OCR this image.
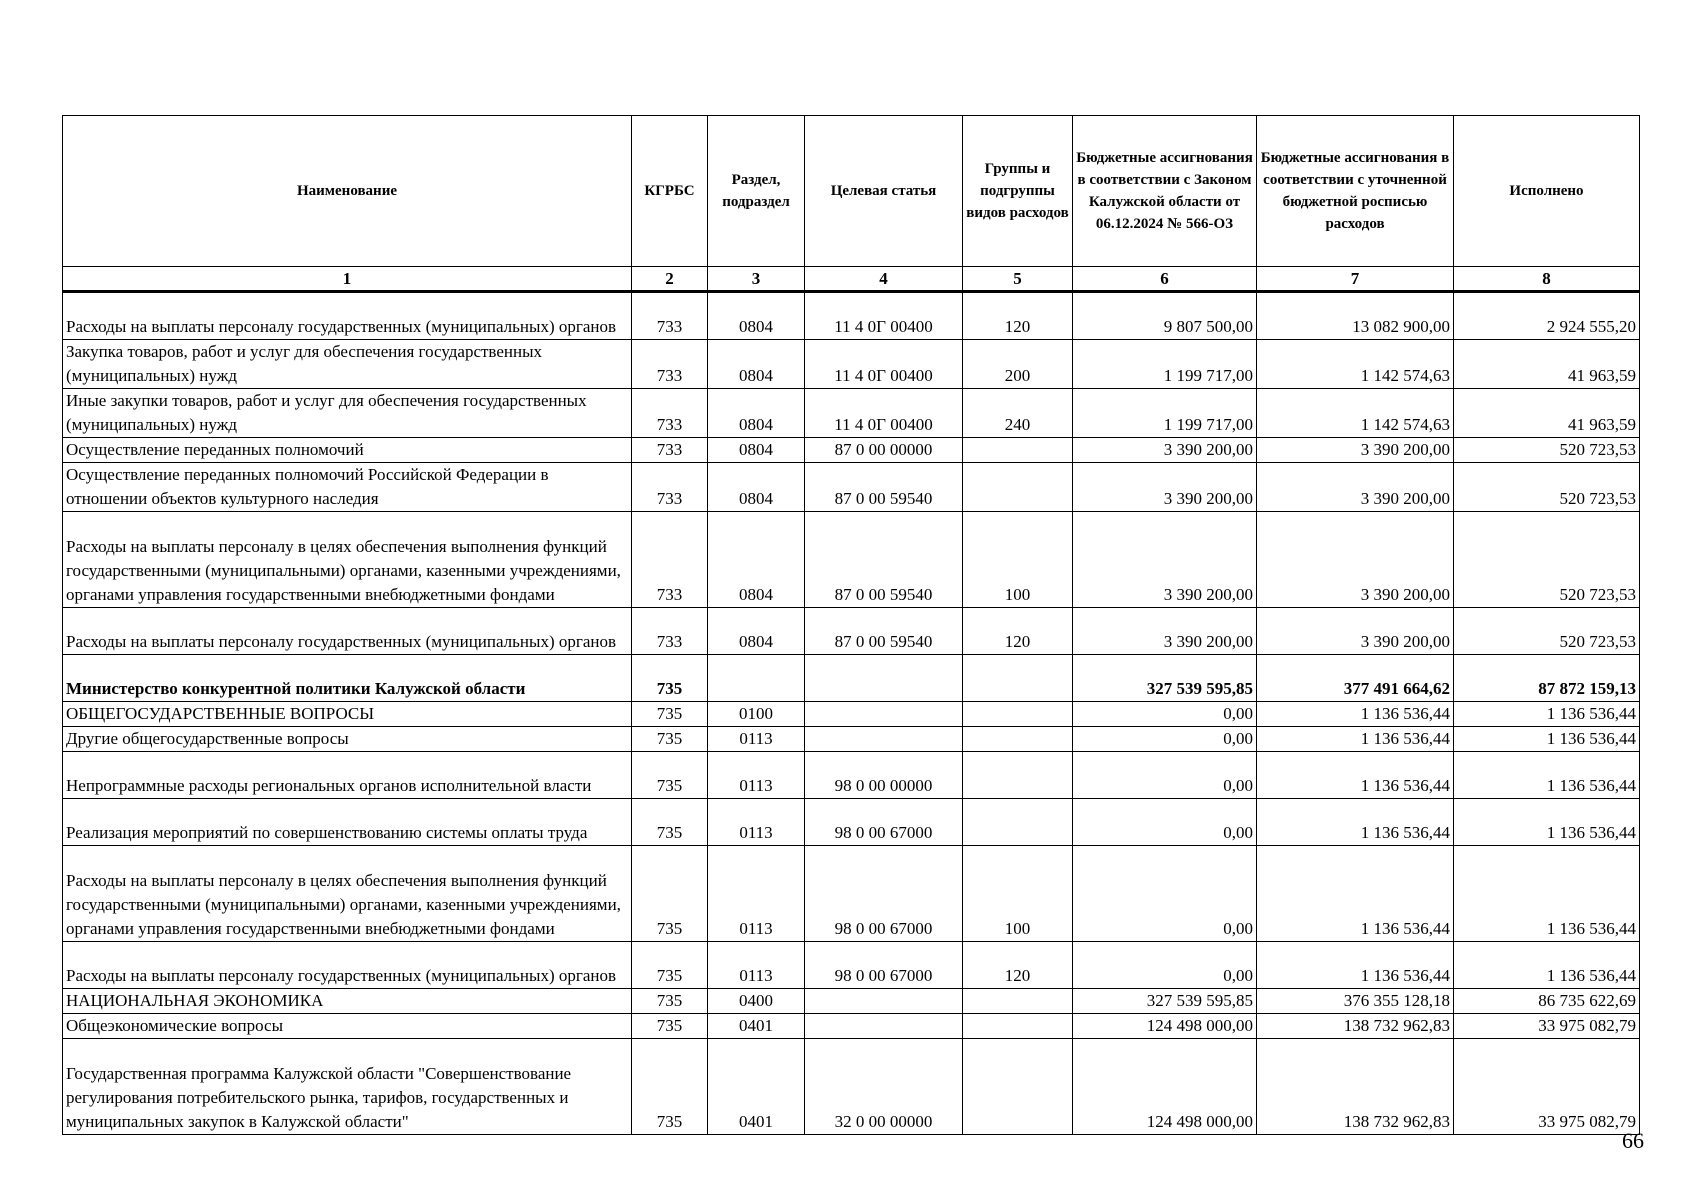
Наименование	КГРБС	Раздел, подраздел	Целевая статья	Группы и подгруппы видов расходов	Бюджетные ассигнования в соответствии с Законом Калужской области от 06.12.2024 № 566-ОЗ	Бюджетные ассигнования в соответствии с уточненной бюджетной росписью расходов	Исполнено
1	2	3	4	5	6	7	8
Расходы на выплаты персоналу государственных (муниципальных) органов	733	0804	11 4 0Г 00400	120	9 807 500,00	13 082 900,00	2 924 555,20
Закупка товаров, работ и услуг для обеспечения государственных (муниципальных) нужд	733	0804	11 4 0Г 00400	200	1 199 717,00	1 142 574,63	41 963,59
Иные закупки товаров, работ и услуг для обеспечения государственных (муниципальных) нужд	733	0804	11 4 0Г 00400	240	1 199 717,00	1 142 574,63	41 963,59
Осуществление переданных полномочий	733	0804	87 0 00 00000		3 390 200,00	3 390 200,00	520 723,53
Осуществление переданных полномочий Российской Федерации в отношении объектов культурного наследия	733	0804	87 0 00 59540		3 390 200,00	3 390 200,00	520 723,53
Расходы на выплаты персоналу в целях обеспечения выполнения функций государственными (муниципальными) органами, казенными учреждениями, органами управления государственными внебюджетными фондами	733	0804	87 0 00 59540	100	3 390 200,00	3 390 200,00	520 723,53
Расходы на выплаты персоналу государственных (муниципальных) органов	733	0804	87 0 00 59540	120	3 390 200,00	3 390 200,00	520 723,53
Министерство конкурентной политики Калужской области	735				327 539 595,85	377 491 664,62	87 872 159,13
ОБЩЕГОСУДАРСТВЕННЫЕ ВОПРОСЫ	735	0100			0,00	1 136 536,44	1 136 536,44
Другие общегосударственные вопросы	735	0113			0,00	1 136 536,44	1 136 536,44
Непрограммные расходы региональных органов исполнительной власти	735	0113	98 0 00 00000		0,00	1 136 536,44	1 136 536,44
Реализация мероприятий по совершенствованию системы оплаты труда	735	0113	98 0 00 67000		0,00	1 136 536,44	1 136 536,44
Расходы на выплаты персоналу в целях обеспечения выполнения функций государственными (муниципальными) органами, казенными учреждениями, органами управления государственными внебюджетными фондами	735	0113	98 0 00 67000	100	0,00	1 136 536,44	1 136 536,44
Расходы на выплаты персоналу государственных (муниципальных) органов	735	0113	98 0 00 67000	120	0,00	1 136 536,44	1 136 536,44
НАЦИОНАЛЬНАЯ ЭКОНОМИКА	735	0400			327 539 595,85	376 355 128,18	86 735 622,69
Общеэкономические вопросы	735	0401			124 498 000,00	138 732 962,83	33 975 082,79
Государственная программа Калужской области "Совершенствование регулирования потребительского рынка, тарифов, государственных и муниципальных закупок в Калужской области"	735	0401	32 0 00 00000		124 498 000,00	138 732 962,83	33 975 082,79
66
